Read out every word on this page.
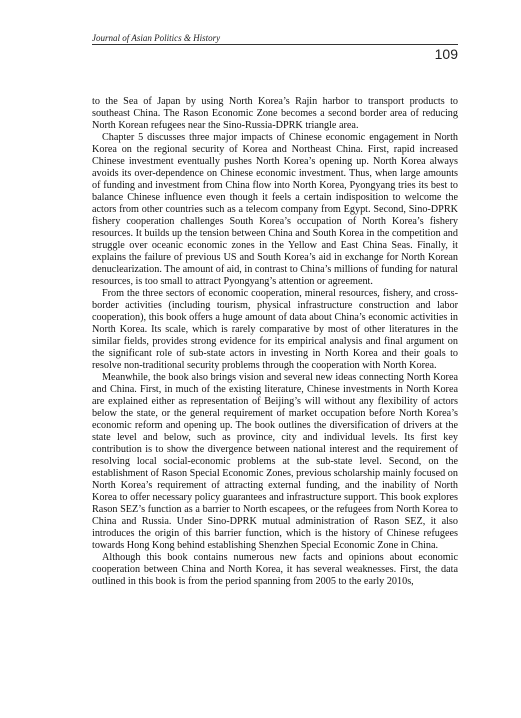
Journal of Asian Politics & History
109

to the Sea of Japan by using North Korea’s Rajin harbor to transport products to southeast China. The Rason Economic Zone becomes a second border area of reducing North Korean refugees near the Sino-Russia-DPRK triangle area.

Chapter 5 discusses three major impacts of Chinese economic engagement in North Korea on the regional security of Korea and Northeast China. First, rapid increased Chinese investment eventually pushes North Korea’s opening up. North Korea always avoids its over-dependence on Chinese economic investment. Thus, when large amounts of funding and investment from China flow into North Korea, Pyongyang tries its best to balance Chinese influence even though it feels a certain indisposition to welcome the actors from other countries such as a telecom company from Egypt. Second, Sino-DPRK fishery cooperation challenges South Korea’s occupation of North Korea’s fishery resources. It builds up the tension between China and South Korea in the competition and struggle over oceanic economic zones in the Yellow and East China Seas. Finally, it explains the failure of previous US and South Korea’s aid in exchange for North Korean denuclearization. The amount of aid, in contrast to China’s millions of funding for natural resources, is too small to attract Pyongyang’s attention or agreement.

From the three sectors of economic cooperation, mineral resources, fishery, and cross-border activities (including tourism, physical infrastructure construction and labor cooperation), this book offers a huge amount of data about China’s economic activities in North Korea. Its scale, which is rarely comparative by most of other literatures in the similar fields, provides strong evidence for its empirical analysis and final argument on the significant role of sub-state actors in investing in North Korea and their goals to resolve non-traditional security problems through the cooperation with North Korea.

Meanwhile, the book also brings vision and several new ideas connecting North Korea and China. First, in much of the existing literature, Chinese investments in North Korea are explained either as representation of Beijing’s will without any flexibility of actors below the state, or the general requirement of market occupation before North Korea’s economic reform and opening up. The book outlines the diversification of drivers at the state level and below, such as province, city and individual levels. Its first key contribution is to show the divergence between national interest and the requirement of resolving local social-economic problems at the sub-state level. Second, on the establishment of Rason Special Economic Zones, previous scholarship mainly focused on North Korea’s requirement of attracting external funding, and the inability of North Korea to offer necessary policy guarantees and infrastructure support. This book explores Rason SEZ’s function as a barrier to North escapees, or the refugees from North Korea to China and Russia. Under Sino-DPRK mutual administration of Rason SEZ, it also introduces the origin of this barrier function, which is the history of Chinese refugees towards Hong Kong behind establishing Shenzhen Special Economic Zone in China.

Although this book contains numerous new facts and opinions about economic cooperation between China and North Korea, it has several weaknesses. First, the data outlined in this book is from the period spanning from 2005 to the early 2010s,
